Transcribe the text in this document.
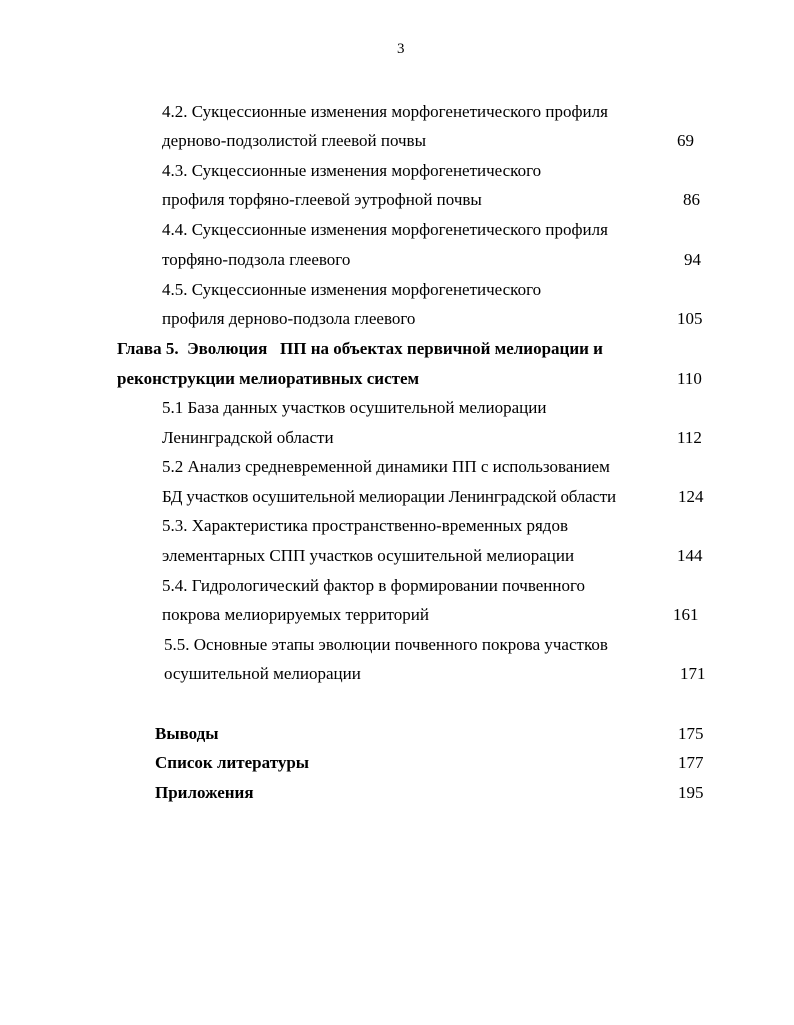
3
4.2. Сукцессионные изменения морфогенетического профиля
дерново-подзолистой глеевой почвы	69
4.3. Сукцессионные изменения морфогенетического
профиля торфяно-глеевой эутрофной почвы	86
4.4. Сукцессионные изменения морфогенетического профиля
торфяно-подзола глеевого	94
4.5. Сукцессионные изменения морфогенетического
профиля дерново-подзола глеевого	105
Глава 5.  Эволюция   ПП на объектах первичной мелиорации и
реконструкции мелиоративных систем	110
5.1 База данных участков осушительной мелиорации
Ленинградской области	112
5.2 Анализ средневременной динамики ПП с использованием
БД участков осушительной мелиорации Ленинградской области	124
5.3. Характеристика пространственно-временных рядов
элементарных СПП участков осушительной мелиорации	144
5.4. Гидрологический фактор в формировании почвенного
покрова мелиорируемых территорий	161
5.5. Основные этапы эволюции почвенного покрова участков
осушительной мелиорации	171
Выводы	175
Список литературы	177
Приложения	195
